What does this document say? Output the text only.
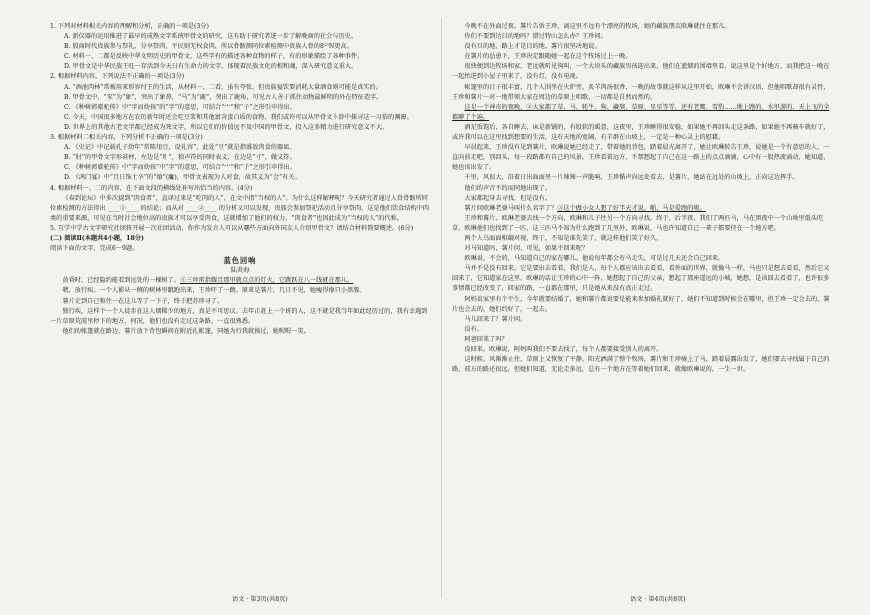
1. 下列对材料相关内容的理解和分析，正确的一项是(3分)

A. 新仪器的运用推进了最早的成熟文字系统甲骨文的研究，这有助于研究者进一步了解晚商的社会与历史。

B. 殷商时代贵族参与祭礼，分享祭肉，平民则无权食肉，所以骨骸测同位素检测中贵族人骨的8¹⁵N更高。

C. 材料一、二都是反映中华文明历史的甲骨文，这些字有的描述各种食物的样子，有的形象描绘了各种事件。

D. 甲骨文是中华民族王旺一存活到今天日有生命力的文字，体现着民族文化的根和魂，深入研究意义重大。

2. 根据材料内容，下列说法不正确的一项是(3分)

A. “酒池肉林”常被用来形容纣王的生活，从材料一、二看，虽有夸张，但贵族宴饮要消耗大量酒食则可能是真实的。

B. 甲骨文中，“豕”为“象”，突出了象鼻，“马”为“鹿”，突出了鹿角，可见古人善于抓住动物最鲜明的外在特征造字。

C. 《种树郭橐驼传》中“字而幼孩”的“字”的意思，可结合“宀”和“子”之形引申得出。

C. 今天，中国很多地方在农历新年时还会吃豆浆和其他富含蛋白质的食物，我们或许可以从甲骨文卜辞中探寻这一习俗的渊源。

D. 世界上的其他古老文字都已经成为死文字，所以它们的价值远不及中国的甲骨文，投入这多精力进行研究意义不大。

3. 根据材料二相关内容，下列分析不正确的一项是(3分)

A. 《史记》中记载孔子幼年“常陈俎豆，设礼容”，此处“豆”就是指盛放肉食的器皿。

B. “肘”的甲骨文字形甚材，左边是“⺼”，独声符的同时表义，在边是“寸”，做义符。

C. 《种树郭橐驼传》中“字而幼孩”中“字”的意思，可结合“宀”和“子”之形引申得出。

D. 《鸿门宴》中“且日饰士卒”的“飨”(𩞁)，甲骨文表现为人对食，故其义为“会”有关。

4. 根据材料一、二的内容，在下面文段的横线处补写出恰当的内容。(4分)

《春到论坛》中多次提到“肉食者”，直译过来是“吃肉的人”，在文中指“当权的人”。为什么这样解释呢？今天研究者通过人骨骨骸所同位素检测的方法得出 ____①____ 的结论；而从对 ____②____ 的分析又可以发现，贵族会参加祭祀活动且分享祭肉，这是他们饮食结构中肉类的重要来源，可见在当时社会地位高的贵族才可以享受肉食，这就增加了他们的权力，“肉食者”也因此成为“当权的人”的代称。

5. 互学中学古文字研究社团将开展一次社团活动，你作为发言人可以从哪些方面向外国友人介绍甲骨文？请结合材料简要概述。(6分)

(二) 阅读Ⅱ(本题共4小题，18分)

阅读下面的文字，完成6～9题。

蓝色回响

陆炎海

黄昏时，已经隐约能看到远处的一棵树了。①三珍雷指耀且那里就点点的灯火，它跳跃在八一线就在那儿。

嗯，放行疾。一个人影从一侧的树林里踉跑出来，王珍吓了一跳。原来是薯片，几日不见，她瘦得像只小黑豚。

薯片走到自己和住一在这儿等了一下子，终于把苏珍寻了。

独行疾，这样个一个人徒步在这人烟稀少的地方，真是不可思议。去年正赶上一个班的人，这不就是我当年如此经历过的，我有幸遇到一片草原荒漠里停下的地方，何况，他们也没有走过这条路，一直很熟悉。

他们的帐篷就在路边，薯片放下背包瞬间在附近扎帐篷，同她为行我就换过，她喔喔一笑。

今晚不在外面过夜。薯片告诉王珍，离这里不远有个漂亮的牧场，她的藏族朋友欧琳就住在那儿。

你们不要到达目的地吗？错过特山怎么办？王珍问。

没有目的地，路上才是目的地。薯片很坚决地说。

在薯片的怂恿下，王珍决定跟随她一起在这个牧场过上一晚。

很快便到达牧场和家，老远就听见狗叫，一个大块头的藏族男孩迎出来，他们在蓝烟的围墙里看，说这里是个好地方，而我把这一晚在一起抬进到小屋子里来了，没有灯，没有电视。

帐篷里的日子很丰富，几个人围坐在火炉旁，炙羊肉汤很香，一晚的故事就这样从这里开始，欧琳不会讲汉语，但他唱歌却很有灵性，王珍和薯片一对一地带领大家在周边的草原上唱歌，一切都是自然而然的。

这是一个神奇的夜晚，②大家都了草、马、牦牛、狗、藏獒、草原、星星等等，还有老鹰、雪豹……地上跑的、水里游的、天上飞的全都聊了个遍。

酒足饭饱后，各自睡去，床是新铺的，有股软的暖意，这夜里，王珍睡得很安稳，如果她不再回头走这条路，如果她不再骑车就好了，或许我可以在这里找到想要的生活，这有天地的宽阔，有羊群在山坡上，一定是一种心灵上的慰藉。

早晨起来，王珍没有见到薯片，欧琳说她已经走了，带着她的背包，踏着晨光离开了，她让欧琳转告王珍，说她是一个有意思的人，一直向前走吧，别回头，每一段路都有自己的风景。王珍看着远方，不禁想起了自己在这一路上的点点滴滴，心中有一股热流涌动，她知道，她也该出发了。

千里，风很大，沿着日出面面里一片辣辣一声脆响，王珍循声向远处看去，是薯片，她站在远处的山坡上，正向这边挥手。

他们的声音不约而同地出现了。

大家都起身去寻找，但是没有。

薯片问欧琳老婆马叫什么名字了？③这个做小女人想了好半天才说，啪，马是爱跑的啦。

王珍和薯片、欧琳老婆去找一个方向，欧琳和儿子往另一个方向寻找，终于，后半夜，我们了两匹马，马在黑夜中一个山坳里低头吃草，欧琳他们也找到了一匹，这三匹马不知为什么跑到了几里外，欧琳说，马也许知道自己一辈子都要待在一个地方吧。

两个人乌面面相觑对视，终于，不知是谁先笑了，就这样他们笑了好久。

对马知道吗，薯片问，可见，如果不回来呢？

欧琳说，不会的，马知道自己的家在哪儿。他说每年都会有马走失，可是过几天还会自己回来。

马并不是没有回来，它是要出去看看，我们是人，每个人都应该出去看看，看外面的世界，就像马一样，马也只是想去看看，然后它又回来了，它知道家在这里。欧琳的话让王珍的心中一阵，她想起了自己的父亲，想起了那座遥远的小城，她想，是该回去看看了，也许很多事情都已经改变了，回家的路，一直都在那里，只是她从来没有真正走过。

阿妈说家里有个平生，今年就要结婚了，她和薯片都说要是能来参加婚礼就好了，她们不知道到时候会在哪里，但王珍一定会去的，薯片也会去的，她们约好了，一起去。

马儿回来了？薯片问。

没有。

阿爸回来了吗？

没回来。欧琳说，阿妈叫我们不要去找了，每个人都要接受别人的离开。

这时候，风渐渐止住，草原上又恢复了平静，阳光洒满了整个牧场，薯片和王珍骑上了马，踏着晨露出发了，她们要去寻找属于自己的路，前方的路还很远，但她们知道，无论走多远，总有一个地方在等着她们回来，就像欧琳说的，一生一世。

语文 · 第3页(共8页)	语文 · 第4页(共8页)
